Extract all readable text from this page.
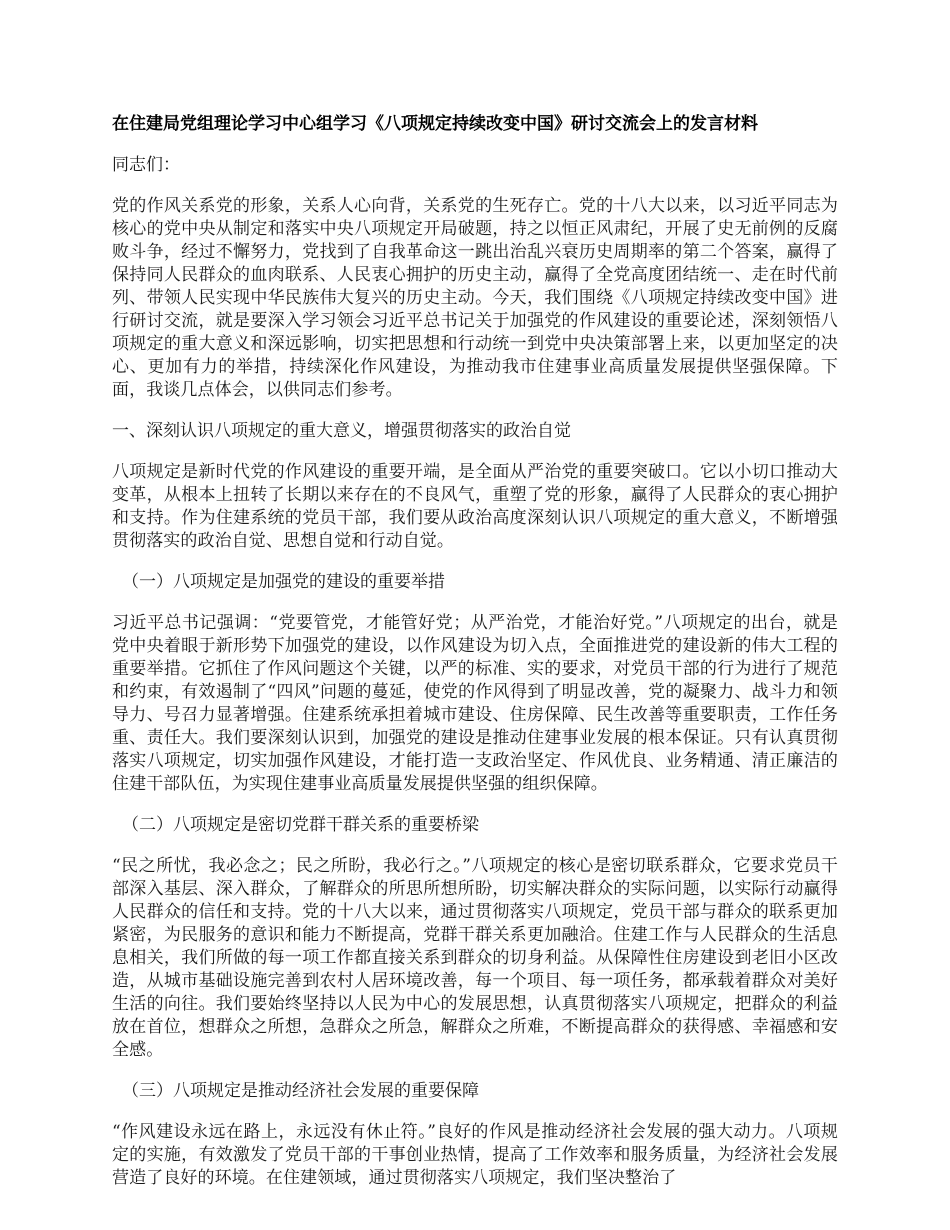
在住建局党组理论学习中心组学习《八项规定持续改变中国》研讨交流会上的发言材料

同志们：

党的作风关系党的形象，关系人心向背，关系党的生死存亡。党的十八大以来，以习近平同志为核心的党中央从制定和落实中央八项规定开局破题，持之以恒正风肃纪，开展了史无前例的反腐败斗争，经过不懈努力，党找到了自我革命这一跳出治乱兴衰历史周期率的第二个答案，赢得了保持同人民群众的血肉联系、人民衷心拥护的历史主动，赢得了全党高度团结统一、走在时代前列、带领人民实现中华民族伟大复兴的历史主动。今天，我们围绕《八项规定持续改变中国》进行研讨交流，就是要深入学习领会习近平总书记关于加强党的作风建设的重要论述，深刻领悟八项规定的重大意义和深远影响，切实把思想和行动统一到党中央决策部署上来，以更加坚定的决心、更加有力的举措，持续深化作风建设，为推动我市住建事业高质量发展提供坚强保障。下面，我谈几点体会，以供同志们参考。

一、深刻认识八项规定的重大意义，增强贯彻落实的政治自觉

八项规定是新时代党的作风建设的重要开端，是全面从严治党的重要突破口。它以小切口推动大变革，从根本上扭转了长期以来存在的不良风气，重塑了党的形象，赢得了人民群众的衷心拥护和支持。作为住建系统的党员干部，我们要从政治高度深刻认识八项规定的重大意义，不断增强贯彻落实的政治自觉、思想自觉和行动自觉。

（一）八项规定是加强党的建设的重要举措

习近平总书记强调：“党要管党，才能管好党；从严治党，才能治好党。”八项规定的出台，就是党中央着眼于新形势下加强党的建设，以作风建设为切入点，全面推进党的建设新的伟大工程的重要举措。它抓住了作风问题这个关键，以严的标准、实的要求，对党员干部的行为进行了规范和约束，有效遏制了“四风”问题的蔓延，使党的作风得到了明显改善，党的凝聚力、战斗力和领导力、号召力显著增强。住建系统承担着城市建设、住房保障、民生改善等重要职责，工作任务重、责任大。我们要深刻认识到，加强党的建设是推动住建事业发展的根本保证。只有认真贯彻落实八项规定，切实加强作风建设，才能打造一支政治坚定、作风优良、业务精通、清正廉洁的住建干部队伍，为实现住建事业高质量发展提供坚强的组织保障。

（二）八项规定是密切党群干群关系的重要桥梁

“民之所忧，我必念之；民之所盼，我必行之。”八项规定的核心是密切联系群众，它要求党员干部深入基层、深入群众，了解群众的所思所想所盼，切实解决群众的实际问题，以实际行动赢得人民群众的信任和支持。党的十八大以来，通过贯彻落实八项规定，党员干部与群众的联系更加紧密，为民服务的意识和能力不断提高，党群干群关系更加融洽。住建工作与人民群众的生活息息相关，我们所做的每一项工作都直接关系到群众的切身利益。从保障性住房建设到老旧小区改造，从城市基础设施完善到农村人居环境改善，每一个项目、每一项任务，都承载着群众对美好生活的向往。我们要始终坚持以人民为中心的发展思想，认真贯彻落实八项规定，把群众的利益放在首位，想群众之所想，急群众之所急，解群众之所难，不断提高群众的获得感、幸福感和安全感。

（三）八项规定是推动经济社会发展的重要保障

“作风建设永远在路上，永远没有休止符。”良好的作风是推动经济社会发展的强大动力。八项规定的实施，有效激发了党员干部的干事创业热情，提高了工作效率和服务质量，为经济社会发展营造了良好的环境。在住建领域，通过贯彻落实八项规定，我们坚决整治了
